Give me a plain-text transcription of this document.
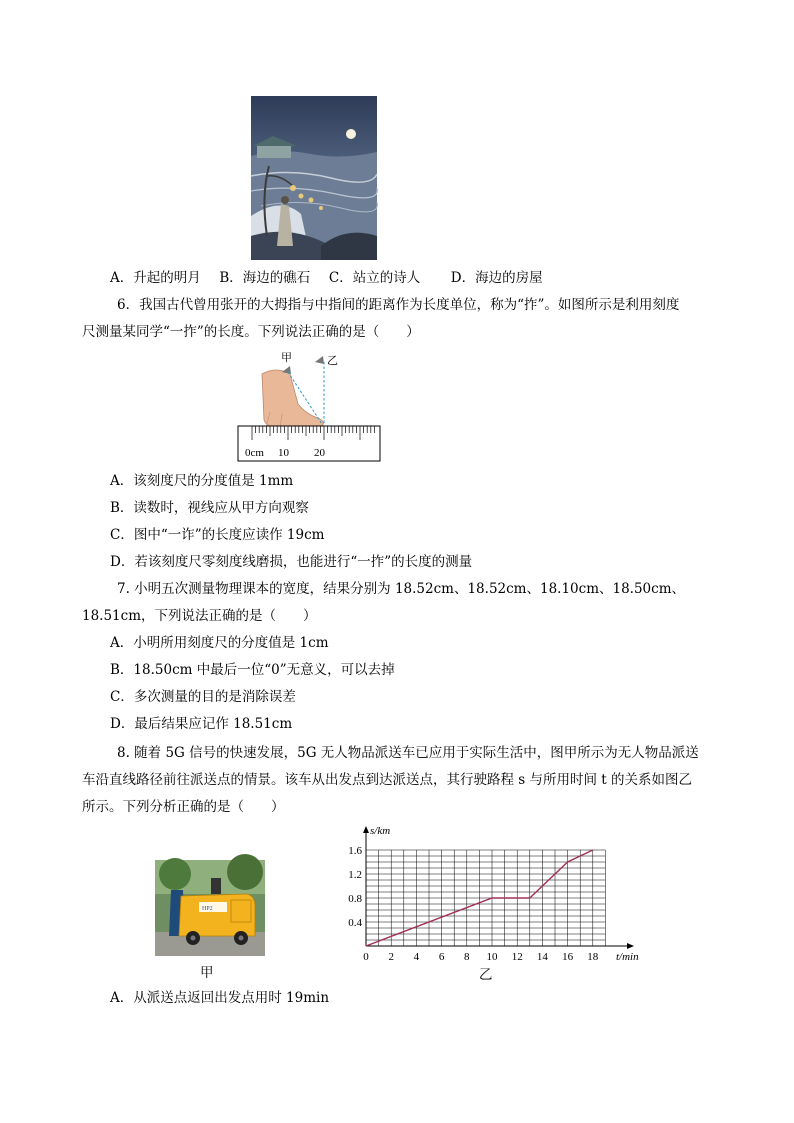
A．升起的明月 B．海边的礁石 C．站立的诗人 D．海边的房屋
6．我国古代曾用张开的大拇指与中指间的距离作为长度单位，称为“拃”。如图所示是利用刻度
尺测量某同学“一拃”的长度。下列说法正确的是（　　）
0cm 10 20
甲	乙
A．该刻度尺的分度值是 1mm
B．读数时，视线应从甲方向观察
C．图中“一诈”的长度应读作 19cm
D．若该刻度尺零刻度线磨损，也能进行“一拃”的长度的测量
7. 小明五次测量物理课本的宽度，结果分别为 18.52cm、18.52cm、18.10cm、18.50cm、
18.51cm，下列说法正确的是（　　）
A．小明所用刻度尺的分度值是 1cm
B．18.50cm 中最后一位“0”无意义，可以去掉
C．多次测量的目的是消除误差
D．最后结果应记作 18.51cm
8. 随着 5G 信号的快速发展，5G 无人物品派送车已应用于实际生活中，图甲所示为无人物品派送
车沿直线路径前往派送点的情景。该车从出发点到达派送点，其行驶路程 s 与所用时间 t 的关系如图乙
所示。下列分析正确的是（　　）
HP2
甲
0 2 4 6 8 10 12 14 16 18
0.4
0.8
1.2
1.6
s/km
t/min
乙
A．从派送点返回出发点用时 19min
